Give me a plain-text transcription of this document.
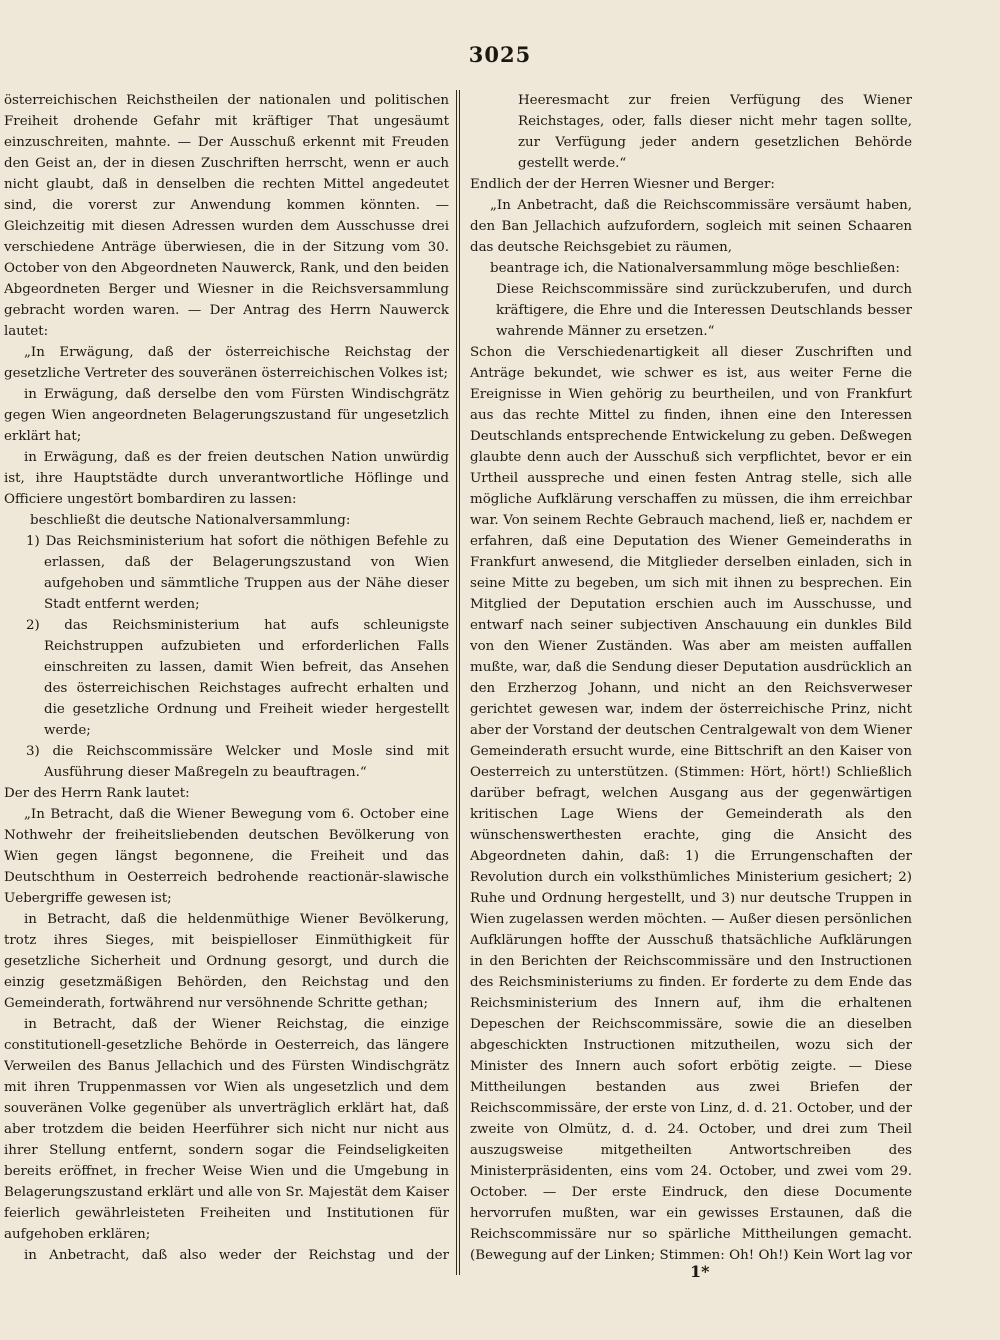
3025

österreichischen Reichstheilen der nationalen und politischen Freiheit drohende Gefahr mit kräftiger That ungesäumt einzuschreiten, mahnte. — Der Ausschuß erkennt mit Freuden den Geist an, der in diesen Zuschriften herrscht, wenn er auch nicht glaubt, daß in denselben die rechten Mittel angedeutet sind, die vorerst zur Anwendung kommen könnten. — Gleichzeitig mit diesen Adressen wurden dem Ausschusse drei verschiedene Anträge überwiesen, die in der Sitzung vom 30. October von den Abgeordneten Nauwerck, Rank, und den beiden Abgeordneten Berger und Wiesner in die Reichsversammlung gebracht worden waren. — Der Antrag des Herrn Nauwerck lautet:

„In Erwägung, daß der österreichische Reichstag der gesetzliche Vertreter des souveränen österreichischen Volkes ist;

in Erwägung, daß derselbe den vom Fürsten Windischgrätz gegen Wien angeordneten Belagerungszustand für ungesetzlich erklärt hat;

in Erwägung, daß es der freien deutschen Nation unwürdig ist, ihre Hauptstädte durch unverantwortliche Höflinge und Officiere ungestört bombardiren zu lassen:

beschließt die deutsche Nationalversammlung:

1) Das Reichsministerium hat sofort die nöthigen Befehle zu erlassen, daß der Belagerungszustand von Wien aufgehoben und sämmtliche Truppen aus der Nähe dieser Stadt entfernt werden;

2) das Reichsministerium hat aufs schleunigste Reichstruppen aufzubieten und erforderlichen Falls einschreiten zu lassen, damit Wien befreit, das Ansehen des österreichischen Reichstages aufrecht erhalten und die gesetzliche Ordnung und Freiheit wieder hergestellt werde;

3) die Reichscommissäre Welcker und Mosle sind mit Ausführung dieser Maßregeln zu beauftragen.“

Der des Herrn Rank lautet:

„In Betracht, daß die Wiener Bewegung vom 6. October eine Nothwehr der freiheitsliebenden deutschen Bevölkerung von Wien gegen längst begonnene, die Freiheit und das Deutschthum in Oesterreich bedrohende reactionär-slawische Uebergriffe gewesen ist;

in Betracht, daß die heldenmüthige Wiener Bevölkerung, trotz ihres Sieges, mit beispielloser Einmüthigkeit für gesetzliche Sicherheit und Ordnung gesorgt, und durch die einzig gesetzmäßigen Behörden, den Reichstag und den Gemeinderath, fortwährend nur versöhnende Schritte gethan;

in Betracht, daß der Wiener Reichstag, die einzige constitutionell-gesetzliche Behörde in Oesterreich, das längere Verweilen des Banus Jellachich und des Fürsten Windischgrätz mit ihren Truppenmassen vor Wien als ungesetzlich und dem souveränen Volke gegenüber als unverträglich erklärt hat, daß aber trotzdem die beiden Heerführer sich nicht nur nicht aus ihrer Stellung entfernt, sondern sogar die Feindseligkeiten bereits eröffnet, in frecher Weise Wien und die Umgebung in Belagerungszustand erklärt und alle von Sr. Majestät dem Kaiser feierlich gewährleisteten Freiheiten und Institutionen für aufgehoben erklären;

in Anbetracht, daß also weder der Reichstag und der

Heeresmacht zur freien Verfügung des Wiener Reichstages, oder, falls dieser nicht mehr tagen sollte, zur Verfügung jeder andern gesetzlichen Behörde gestellt werde.“

Endlich der der Herren Wiesner und Berger:

„In Anbetracht, daß die Reichscommissäre versäumt haben, den Ban Jellachich aufzufordern, sogleich mit seinen Schaaren das deutsche Reichsgebiet zu räumen,

beantrage ich, die Nationalversammlung möge beschließen:

Diese Reichscommissäre sind zurückzuberufen, und durch kräftigere, die Ehre und die Interessen Deutschlands besser wahrende Männer zu ersetzen.“

Schon die Verschiedenartigkeit all dieser Zuschriften und Anträge bekundet, wie schwer es ist, aus weiter Ferne die Ereignisse in Wien gehörig zu beurtheilen, und von Frankfurt aus das rechte Mittel zu finden, ihnen eine den Interessen Deutschlands entsprechende Entwickelung zu geben. Deßwegen glaubte denn auch der Ausschuß sich verpflichtet, bevor er ein Urtheil ausspreche und einen festen Antrag stelle, sich alle mögliche Aufklärung verschaffen zu müssen, die ihm erreichbar war. Von seinem Rechte Gebrauch machend, ließ er, nachdem er erfahren, daß eine Deputation des Wiener Gemeinderaths in Frankfurt anwesend, die Mitglieder derselben einladen, sich in seine Mitte zu begeben, um sich mit ihnen zu besprechen. Ein Mitglied der Deputation erschien auch im Ausschusse, und entwarf nach seiner subjectiven Anschauung ein dunkles Bild von den Wiener Zuständen. Was aber am meisten auffallen mußte, war, daß die Sendung dieser Deputation ausdrücklich an den Erzherzog Johann, und nicht an den Reichsverweser gerichtet gewesen war, indem der österreichische Prinz, nicht aber der Vorstand der deutschen Centralgewalt von dem Wiener Gemeinderath ersucht wurde, eine Bittschrift an den Kaiser von Oesterreich zu unterstützen. (Stimmen: Hört, hört!) Schließlich darüber befragt, welchen Ausgang aus der gegenwärtigen kritischen Lage Wiens der Gemeinderath als den wünschenswerthesten erachte, ging die Ansicht des Abgeordneten dahin, daß: 1) die Errungenschaften der Revolution durch ein volksthümliches Ministerium gesichert; 2) Ruhe und Ordnung hergestellt, und 3) nur deutsche Truppen in Wien zugelassen werden möchten. — Außer diesen persönlichen Aufklärungen hoffte der Ausschuß thatsächliche Aufklärungen in den Berichten der Reichscommissäre und den Instructionen des Reichsministeriums zu finden. Er forderte zu dem Ende das Reichsministerium des Innern auf, ihm die erhaltenen Depeschen der Reichscommissäre, sowie die an dieselben abgeschickten Instructionen mitzutheilen, wozu sich der Minister des Innern auch sofort erbötig zeigte. — Diese Mittheilungen bestanden aus zwei Briefen der Reichscommissäre, der erste von Linz, d. d. 21. October, und der zweite von Olmütz, d. d. 24. October, und drei zum Theil auszugsweise mitgetheilten Antwortschreiben des Ministerpräsidenten, eins vom 24. October, und zwei vom 29. October. — Der erste Eindruck, den diese Documente hervorrufen mußten, war ein gewisses Erstaunen, daß die Reichscommissäre nur so spärliche Mittheilungen gemacht. (Bewegung auf der Linken; Stimmen: Oh! Oh!) Kein Wort lag vor

1*
